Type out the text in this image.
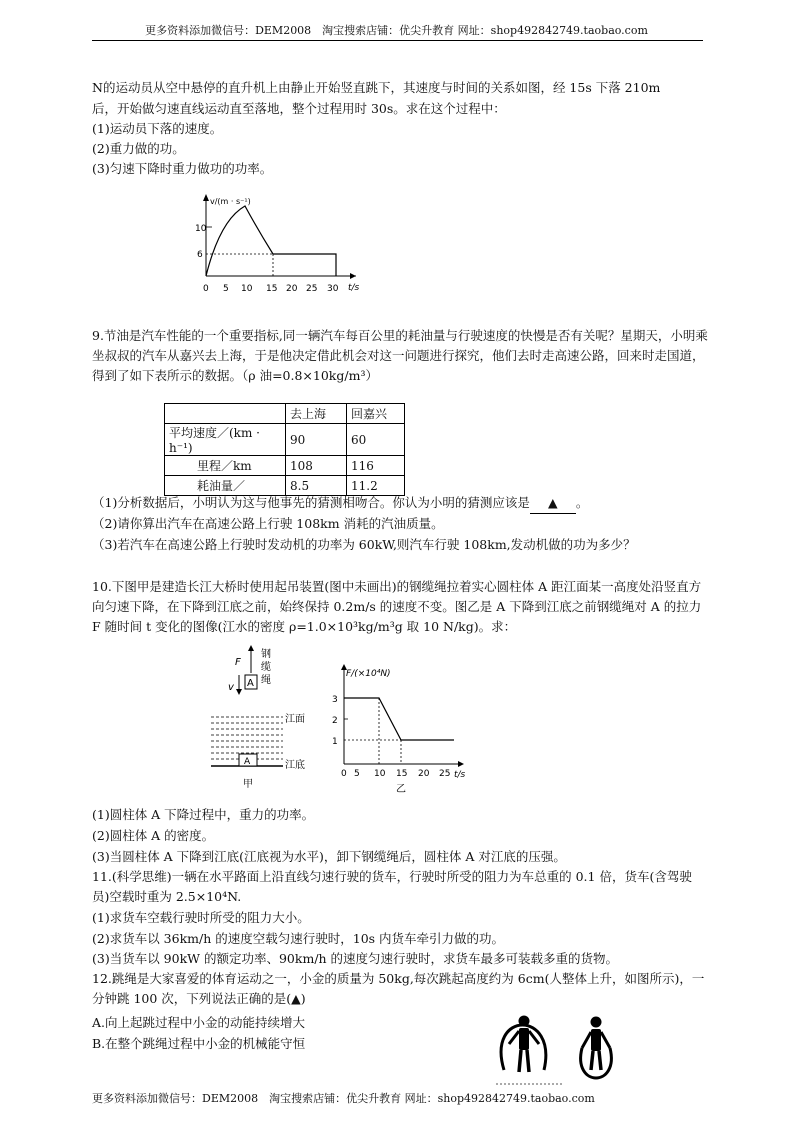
更多资料添加微信号：DEM2008　淘宝搜索店铺：优尖升教育 网址：shop492842749.taobao.com
N的运动员从空中悬停的直升机上由静止开始竖直跳下，其速度与时间的关系如图，经 15s 下落 210m
后，开始做匀速直线运动直至落地，整个过程用时 30s。求在这个过程中：
(1)运动员下落的速度。
(2)重力做的功。
(3)匀速下降时重力做功的功率。
v/(m · s⁻¹)
t/s
10
6
0 5 10 15 20 25 30
9.节油是汽车性能的一个重要指标,同一辆汽车每百公里的耗油量与行驶速度的快慢是否有关呢？星期天，小明乘坐叔叔的汽车从嘉兴去上海，于是他决定借此机会对这一问题进行探究，他们去时走高速公路，回来时走国道，得到了如下表所示的数据。（ρ 油=0.8×10kg/m³）
	去上海	回嘉兴
平均速度／(km · h⁻¹)	90	60
里程／km	108	116
耗油量／	8.5	11.2
（1)分析数据后，小明认为这与他事先的猜测相吻合。你认为小明的猜测应该是 ▲ 。
（2)请你算出汽车在高速公路上行驶 108km 消耗的汽油质量。
（3)若汽车在高速公路上行驶时发动机的功率为 60kW,则汽车行驶 108km,发动机做的功为多少？
10.下图甲是建造长江大桥时使用起吊装置(图中未画出)的钢缆绳拉着实心圆柱体 A 距江面某一高度处沿竖直方向匀速下降，在下降到江底之前，始终保持 0.2m/s 的速度不变。图乙是 A 下降到江底之前钢缆绳对 A 的拉力 F 随时间 t 变化的图像(江水的密度 ρ=1.0×10³kg/m³g 取 10 N/kg)。求：
F
v A
钢
缆
绳
A
江面
江底
甲
F/(×10⁴N)
t/s
3
2
1
0 5 10 15 20 25
乙
(1)圆柱体 A 下降过程中，重力的功率。
(2)圆柱体 A 的密度。
(3)当圆柱体 A 下降到江底(江底视为水平)，卸下钢缆绳后，圆柱体 A 对江底的压强。
11.(科学思维)一辆在水平路面上沿直线匀速行驶的货车，行驶时所受的阻力为车总重的 0.1 倍，货车(含驾驶员)空载时重为 2.5×10⁴N.
(1)求货车空载行驶时所受的阻力大小。
(2)求货车以 36km/h 的速度空载匀速行驶时，10s 内货车牵引力做的功。
(3)当货车以 90kW 的额定功率、90km/h 的速度匀速行驶时，求货车最多可装载多重的货物。
12.跳绳是大家喜爱的体育运动之一，小金的质量为 50kg,每次跳起高度约为 6cm(人整体上升，如图所示)，一分钟跳 100 次，下列说法正确的是(▲)
A.向上起跳过程中小金的动能持续增大
B.在整个跳绳过程中小金的机械能守恒
更多资料添加微信号：DEM2008　淘宝搜索店铺：优尖升教育 网址：shop492842749.taobao.com
